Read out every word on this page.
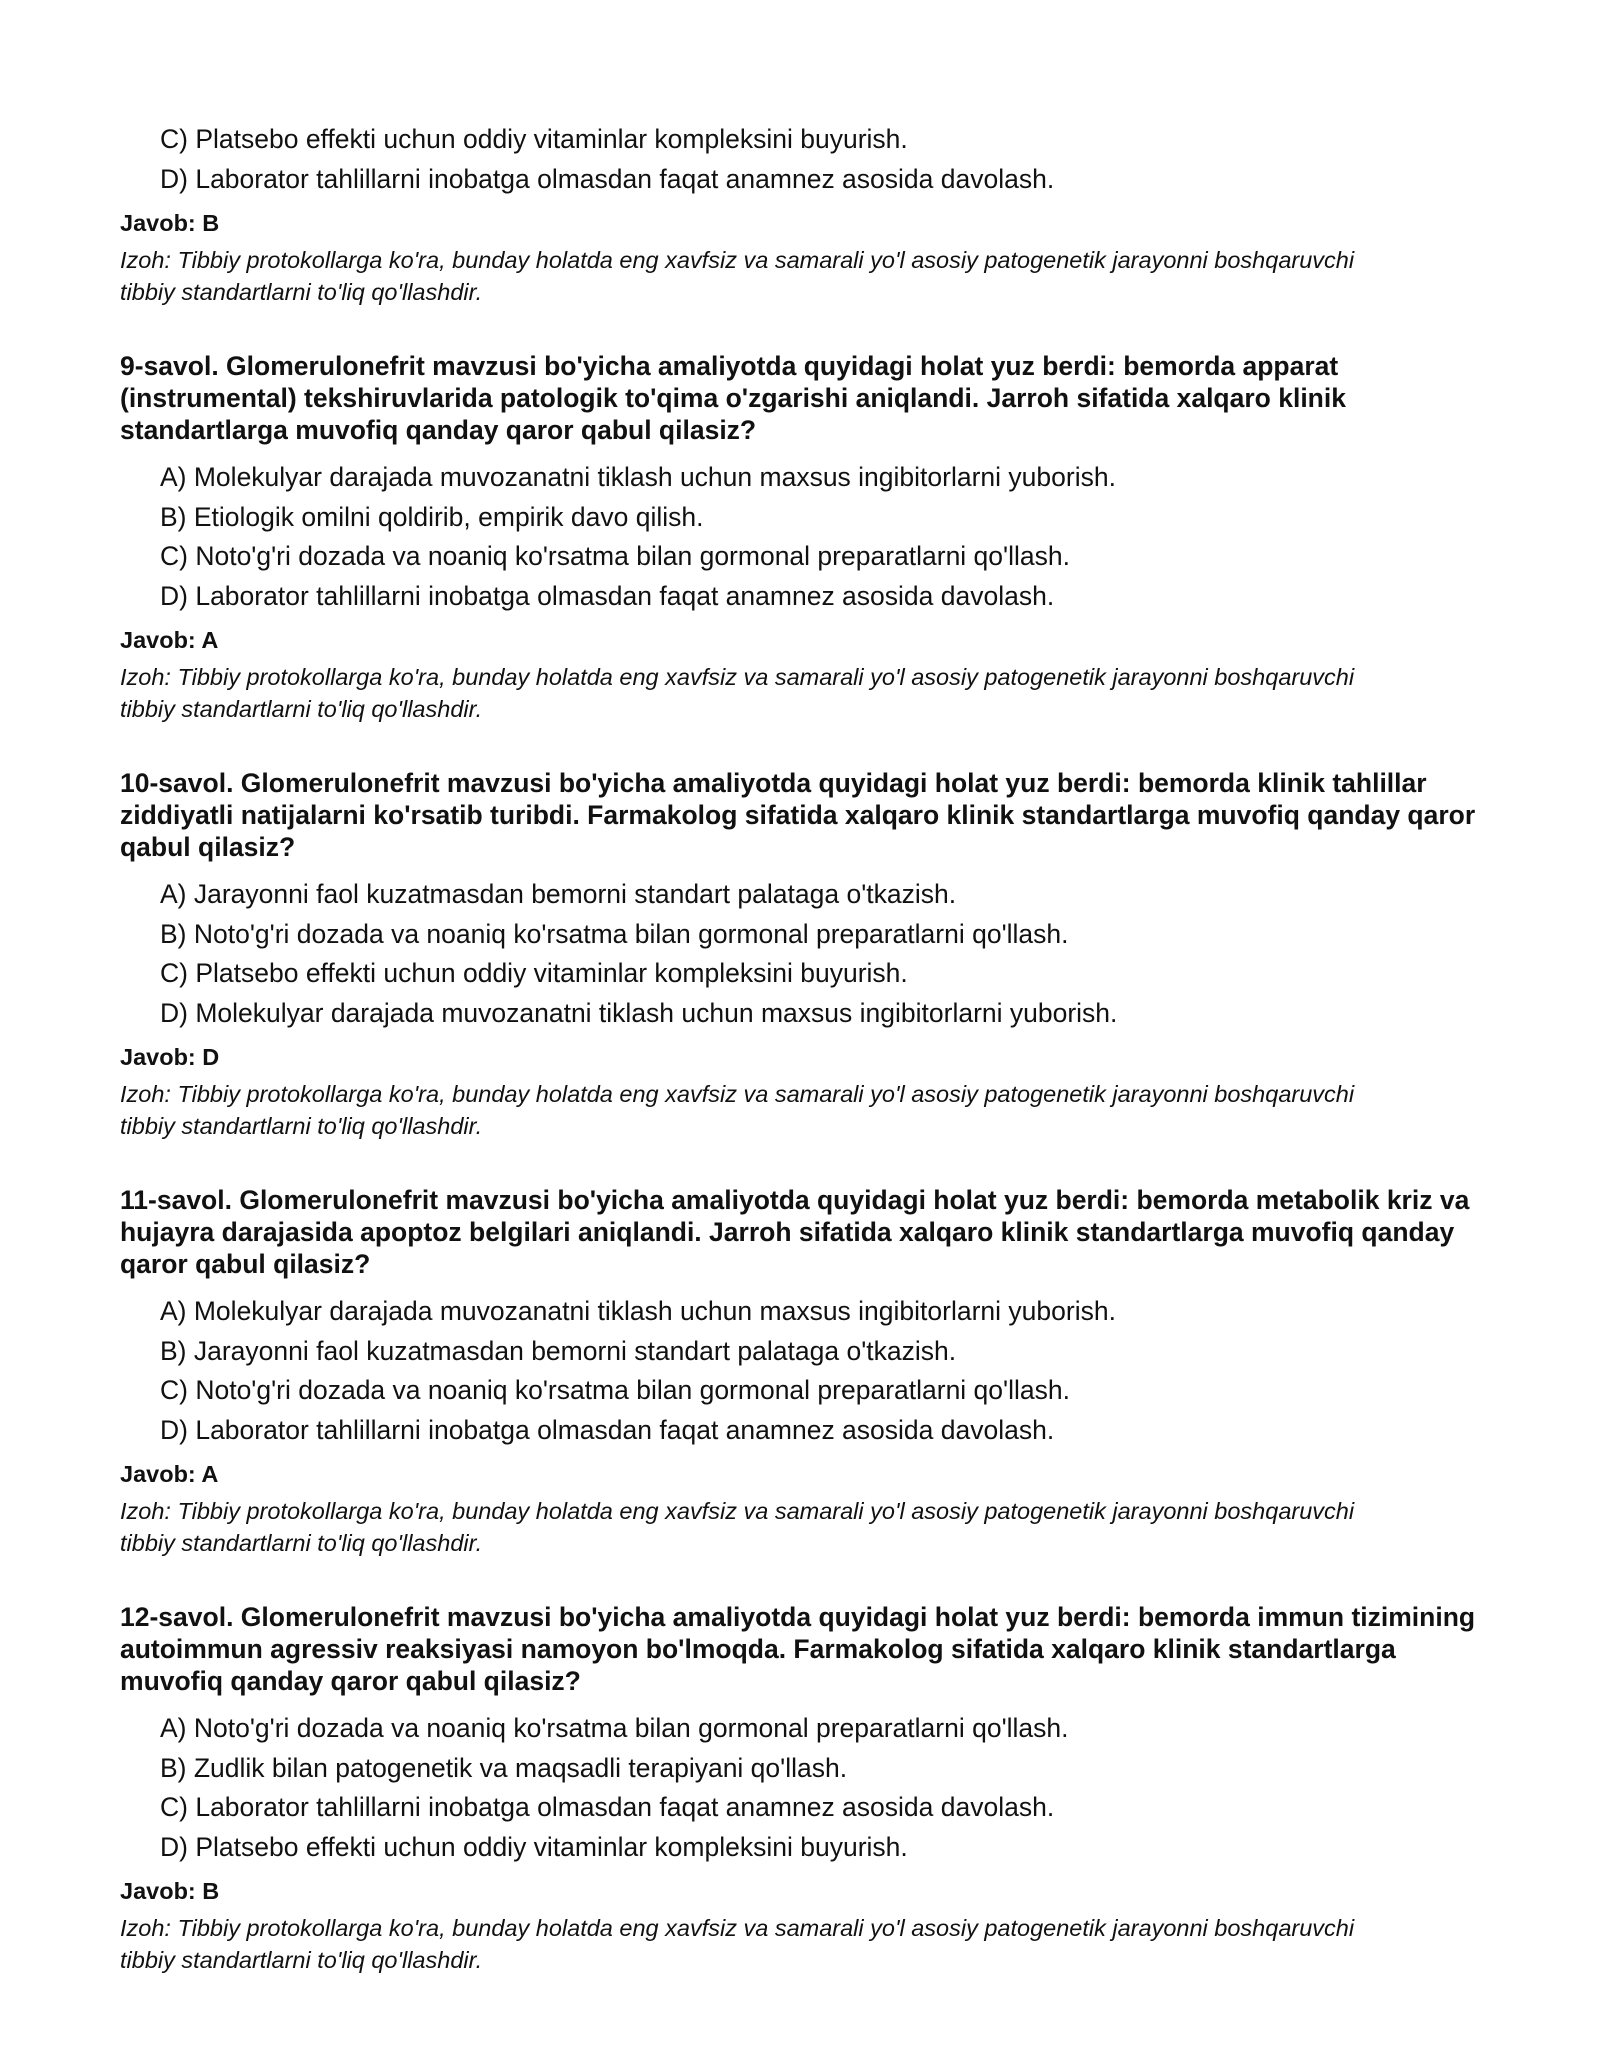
C) Platsebo effekti uchun oddiy vitaminlar kompleksini buyurish.
D) Laborator tahlillarni inobatga olmasdan faqat anamnez asosida davolash.

Javob: B

Izoh: Tibbiy protokollarga ko'ra, bunday holatda eng xavfsiz va samarali yo'l asosiy patogenetik jarayonni boshqaruvchi tibbiy standartlarni to'liq qo'llashdir.

9-savol. Glomerulonefrit mavzusi bo'yicha amaliyotda quyidagi holat yuz berdi: bemorda apparat (instrumental) tekshiruvlarida patologik to'qima o'zgarishi aniqlandi. Jarroh sifatida xalqaro klinik standartlarga muvofiq qanday qaror qabul qilasiz?

A) Molekulyar darajada muvozanatni tiklash uchun maxsus ingibitorlarni yuborish.
B) Etiologik omilni qoldirib, empirik davo qilish.
C) Noto'g'ri dozada va noaniq ko'rsatma bilan gormonal preparatlarni qo'llash.
D) Laborator tahlillarni inobatga olmasdan faqat anamnez asosida davolash.

Javob: A

Izoh: Tibbiy protokollarga ko'ra, bunday holatda eng xavfsiz va samarali yo'l asosiy patogenetik jarayonni boshqaruvchi tibbiy standartlarni to'liq qo'llashdir.

10-savol. Glomerulonefrit mavzusi bo'yicha amaliyotda quyidagi holat yuz berdi: bemorda klinik tahlillar ziddiyatli natijalarni ko'rsatib turibdi. Farmakolog sifatida xalqaro klinik standartlarga muvofiq qanday qaror qabul qilasiz?

A) Jarayonni faol kuzatmasdan bemorni standart palataga o'tkazish.
B) Noto'g'ri dozada va noaniq ko'rsatma bilan gormonal preparatlarni qo'llash.
C) Platsebo effekti uchun oddiy vitaminlar kompleksini buyurish.
D) Molekulyar darajada muvozanatni tiklash uchun maxsus ingibitorlarni yuborish.

Javob: D

Izoh: Tibbiy protokollarga ko'ra, bunday holatda eng xavfsiz va samarali yo'l asosiy patogenetik jarayonni boshqaruvchi tibbiy standartlarni to'liq qo'llashdir.

11-savol. Glomerulonefrit mavzusi bo'yicha amaliyotda quyidagi holat yuz berdi: bemorda metabolik kriz va hujayra darajasida apoptoz belgilari aniqlandi. Jarroh sifatida xalqaro klinik standartlarga muvofiq qanday qaror qabul qilasiz?

A) Molekulyar darajada muvozanatni tiklash uchun maxsus ingibitorlarni yuborish.
B) Jarayonni faol kuzatmasdan bemorni standart palataga o'tkazish.
C) Noto'g'ri dozada va noaniq ko'rsatma bilan gormonal preparatlarni qo'llash.
D) Laborator tahlillarni inobatga olmasdan faqat anamnez asosida davolash.

Javob: A

Izoh: Tibbiy protokollarga ko'ra, bunday holatda eng xavfsiz va samarali yo'l asosiy patogenetik jarayonni boshqaruvchi tibbiy standartlarni to'liq qo'llashdir.

12-savol. Glomerulonefrit mavzusi bo'yicha amaliyotda quyidagi holat yuz berdi: bemorda immun tizimining autoimmun agressiv reaksiyasi namoyon bo'lmoqda. Farmakolog sifatida xalqaro klinik standartlarga muvofiq qanday qaror qabul qilasiz?

A) Noto'g'ri dozada va noaniq ko'rsatma bilan gormonal preparatlarni qo'llash.
B) Zudlik bilan patogenetik va maqsadli terapiyani qo'llash.
C) Laborator tahlillarni inobatga olmasdan faqat anamnez asosida davolash.
D) Platsebo effekti uchun oddiy vitaminlar kompleksini buyurish.

Javob: B

Izoh: Tibbiy protokollarga ko'ra, bunday holatda eng xavfsiz va samarali yo'l asosiy patogenetik jarayonni boshqaruvchi tibbiy standartlarni to'liq qo'llashdir.
